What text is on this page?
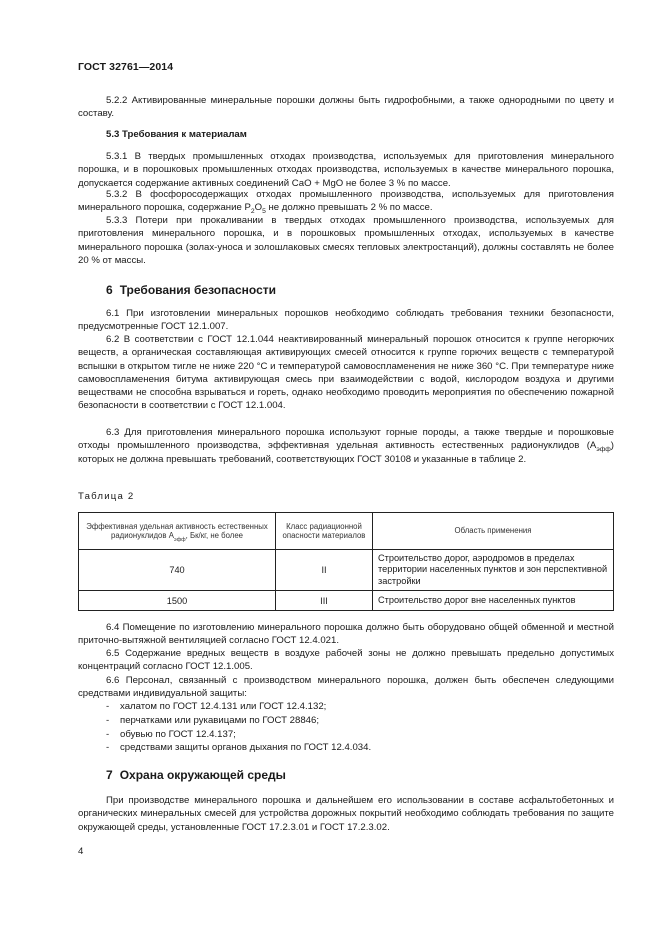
ГОСТ 32761—2014
5.2.2 Активированные минеральные порошки должны быть гидрофобными, а также однородными по цвету и составу.
5.3 Требования к материалам
5.3.1 В твердых промышленных отходах производства, используемых для приготовления минерального порошка, и в порошковых промышленных отходах производства, используемых в качестве минерального порошка, допускается содержание активных соединений CaO + MgO не более 3 % по массе.
5.3.2 В фосфоросодержащих отходах промышленного производства, используемых для приготовления минерального порошка, содержание $P_2O_5$ не должно превышать 2 % по массе.
5.3.3 Потери при прокаливании в твердых отходах промышленного производства, используемых для приготовления минерального порошка, и в порошковых промышленных отходах, используемых в качестве минерального порошка (золах-уноса и золошлаковых смесях тепловых электростанций), должны составлять не более 20 % от массы.
6 Требования безопасности
6.1 При изготовлении минеральных порошков необходимо соблюдать требования техники безопасности, предусмотренные ГОСТ 12.1.007.
6.2 В соответствии с ГОСТ 12.1.044 неактивированный минеральный порошок относится к группе негорючих веществ, а органическая составляющая активирующих смесей относится к группе горючих веществ с температурой вспышки в открытом тигле не ниже 220 °С и температурой самовоспламенения не ниже 360 °С. При температуре ниже самовоспламенения битума активирующая смесь при взаимодействии с водой, кислородом воздуха и другими веществами не способна взрываться и гореть, однако необходимо проводить мероприятия по обеспечению пожарной безопасности в соответствии с ГОСТ 12.1.004.
6.3 Для приготовления минерального порошка используют горные породы, а также твердые и порошковые отходы промышленного производства, эффективная удельная активность естественных радионуклидов $(А_{эфф})$ которых не должна превышать требований, соответствующих ГОСТ 30108 и указанные в таблице 2.
Таблица 2
Эффективная удельная активность естественных радионуклидов $А_{эфф}$, Бк/кг, не более	Класс радиационной опасности материалов	Область применения
740	II	Строительство дорог, аэродромов в пределах территории населенных пунктов и зон перспективной застройки
1500	III	Строительство дорог вне населенных пунктов
6.4 Помещение по изготовлению минерального порошка должно быть оборудовано общей обменной и местной приточно-вытяжной вентиляцией согласно ГОСТ 12.4.021.
6.5 Содержание вредных веществ в воздухе рабочей зоны не должно превышать предельно допустимых концентраций согласно ГОСТ 12.1.005.
6.6 Персонал, связанный с производством минерального порошка, должен быть обеспечен следующими средствами индивидуальной защиты:
- халатом по ГОСТ 12.4.131 или ГОСТ 12.4.132;
- перчатками или рукавицами по ГОСТ 28846;
- обувью по ГОСТ 12.4.137;
- средствами защиты органов дыхания по ГОСТ 12.4.034.
7 Охрана окружающей среды
При производстве минерального порошка и дальнейшем его использовании в составе асфальтобетонных и органических минеральных смесей для устройства дорожных покрытий необходимо соблюдать требования по защите окружающей среды, установленные ГОСТ 17.2.3.01 и ГОСТ 17.2.3.02.
4
